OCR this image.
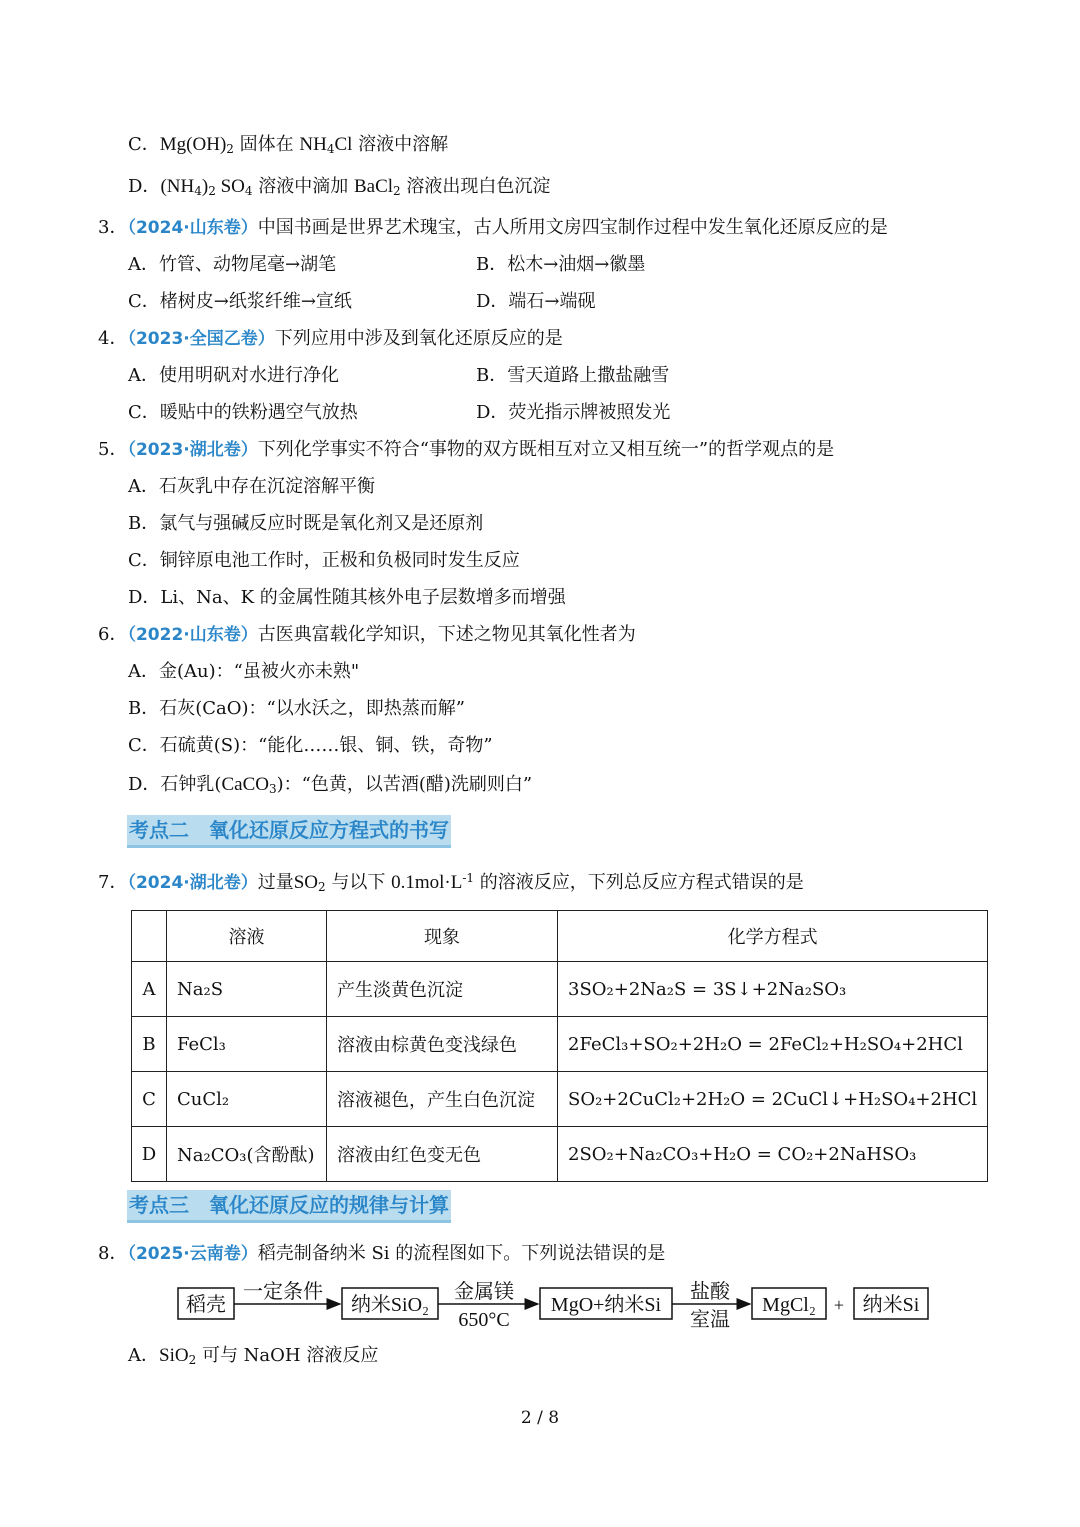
C．$Mg(OH)_2$ 固体在 $NH_4Cl$ 溶液中溶解
D．$(NH_4)_2$ $SO_4$ 溶液中滴加 BaCl$_2$ 溶液出现白色沉淀
3．（2024·山东卷）中国书画是世界艺术瑰宝，古人所用文房四宝制作过程中发生氧化还原反应的是
A．竹管、动物尾毫→湖笔	B．松木→油烟→徽墨
C．楮树皮→纸浆纤维→宣纸	D．端石→端砚
4．（2023·全国乙卷）下列应用中涉及到氧化还原反应的是
A．使用明矾对水进行净化	B．雪天道路上撒盐融雪
C．暖贴中的铁粉遇空气放热	D．荧光指示牌被照发光
5．（2023·湖北卷）下列化学事实不符合“事物的双方既相互对立又相互统一”的哲学观点的是
A．石灰乳中存在沉淀溶解平衡
B．氯气与强碱反应时既是氧化剂又是还原剂
C．铜锌原电池工作时，正极和负极同时发生反应
D．Li、Na、K 的金属性随其核外电子层数增多而增强
6．（2022·山东卷）古医典富载化学知识，下述之物见其氧化性者为
A．金(Au)：“虽被火亦未熟"
B．石灰(CaO)：“以水沃之，即热蒸而解”
C．石硫黄(S)：“能化……银、铜、铁，奇物”
D．石钟乳(CaCO$_3$)：“色黄，以苦酒(醋)洗刷则白”
考点二　氧化还原反应方程式的书写
7．（2024·湖北卷）过量$SO_2$ 与以下 $0.1mol\cdot L^{-1}$ 的溶液反应，下列总反应方程式错误的是
	溶液	现象	化学方程式
A	Na₂S	产生淡黄色沉淀	3SO₂+2Na₂S = 3S↓+2Na₂SO₃
B	FeCl₃	溶液由棕黄色变浅绿色	2FeCl₃+SO₂+2H₂O = 2FeCl₂+H₂SO₄+2HCl
C	CuCl₂	溶液褪色，产生白色沉淀	SO₂+2CuCl₂+2H₂O = 2CuCl↓+H₂SO₄+2HCl
D	Na₂CO₃(含酚酞)	溶液由红色变无色	2SO₂+Na₂CO₃+H₂O = CO₂+2NaHSO₃
考点三　氧化还原反应的规律与计算
8．（2025·云南卷）稻壳制备纳米 Si 的流程图如下。下列说法错误的是
稻壳
一定条件
纳米SiO₂
金属镁
650°C
MgO+纳米Si
盐酸
室温
MgCl₂ + 纳米Si
A．SiO$_2$ 可与 NaOH 溶液反应
2 / 8
